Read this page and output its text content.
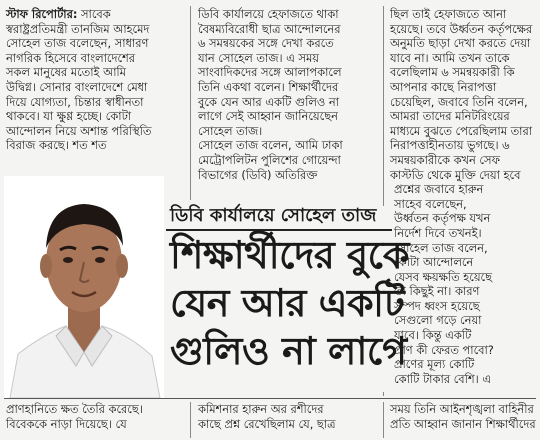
স্টাফ রিপোর্টার: সাবেক

স্বরাষ্ট্রপ্রতিমন্ত্রী তানজিম আহমেদ

সোহেল তাজ বলেছেন, সাধারণ

নাগরিক হিসেবে বাংলাদেশের

সকল মানুষের মতোই আমি

উদ্বিগ্ন। সোনার বাংলাদেশে মেধা

দিয়ে যোগ্যতা, চিন্তার স্বাধীনতা

থাকবে। যা ক্ষুণ্ণ হচ্ছে। কোটা

আন্দোলন নিয়ে অশান্ত পরিস্থিতি

বিরাজ করছে। শত শত

ডিবি কার্যালয়ে হেফাজতে থাকা

বৈষম্যবিরোধী ছাত্র আন্দোলনের

৬ সমন্বয়কের সঙ্গে দেখা করতে

যান সোহেল তাজ। এ সময়

সাংবাদিকদের সঙ্গে আলাপকালে

তিনি একথা বলেন। শিক্ষার্থীদের

বুকে যেন আর একটি গুলিও না

লাগে সেই আহ্বান জানিয়েছেন

সোহেল তাজ।

সোহেল তাজ বলেন, আমি ঢাকা

মেট্রোপলিটন পুলিশের গোয়েন্দা

বিভাগের (ডিবি) অতিরিক্ত

ছিল তাই হেফাজতে আনা

হয়েছে। তবে উর্ধ্বতন কর্তৃপক্ষের

অনুমতি ছাড়া দেখা করতে দেয়া

যাবে না। আমি তখন তাকে

বলেছিলাম ৬ সমন্বয়কারী কি

আপনার কাছে নিরাপত্তা

চেয়েছিল, জবাবে তিনি বলেন,

আমরা তাদের মনিটরিংয়ের

মাধ্যমে বুঝতে পেরেছিলাম তারা

নিরাপত্তাহীনতায় ভুগছে। ৬

সমন্বয়কারীকে কখন সেফ

কাস্টডি থেকে মুক্তি দেয়া হবে

প্রশ্নের জবাবে হারুন

সাহেব বলেছেন,

উর্ধ্বতন কর্তৃপক্ষ যখন

নির্দেশ দিবে তখনই।

সোহেল তাজ বলেন,

কোটা আন্দোলনে

যেসব ক্ষয়ক্ষতি হয়েছে

তা কিছুই না। কারণ

সম্পদ ধ্বংস হয়েছে

সেগুলো গড়ে নেয়া

যাবে। কিন্তু একটি

প্রাণ কী ফেরত পাবো?

প্রাণের মূল্য কোটি

কোটি টাকার বেশি। এ

ডিবি কার্যালয়ে সোহেল তাজ
শিক্ষার্থীদের বুকে
যেন আর একটি
গুলিও না লাগে

প্রাণহানিতে ক্ষত তৈরি করেছে।

বিবেককে নাড়া দিয়েছে। যে

কমিশনার হারুন অর রশীদের

কাছে প্রশ্ন রেখেছিলাম যে, ছাত্র

সময় তিনি আইনশৃঙ্খলা বাহিনীর

প্রতি আহ্বান জানান শিক্ষার্থীদের
